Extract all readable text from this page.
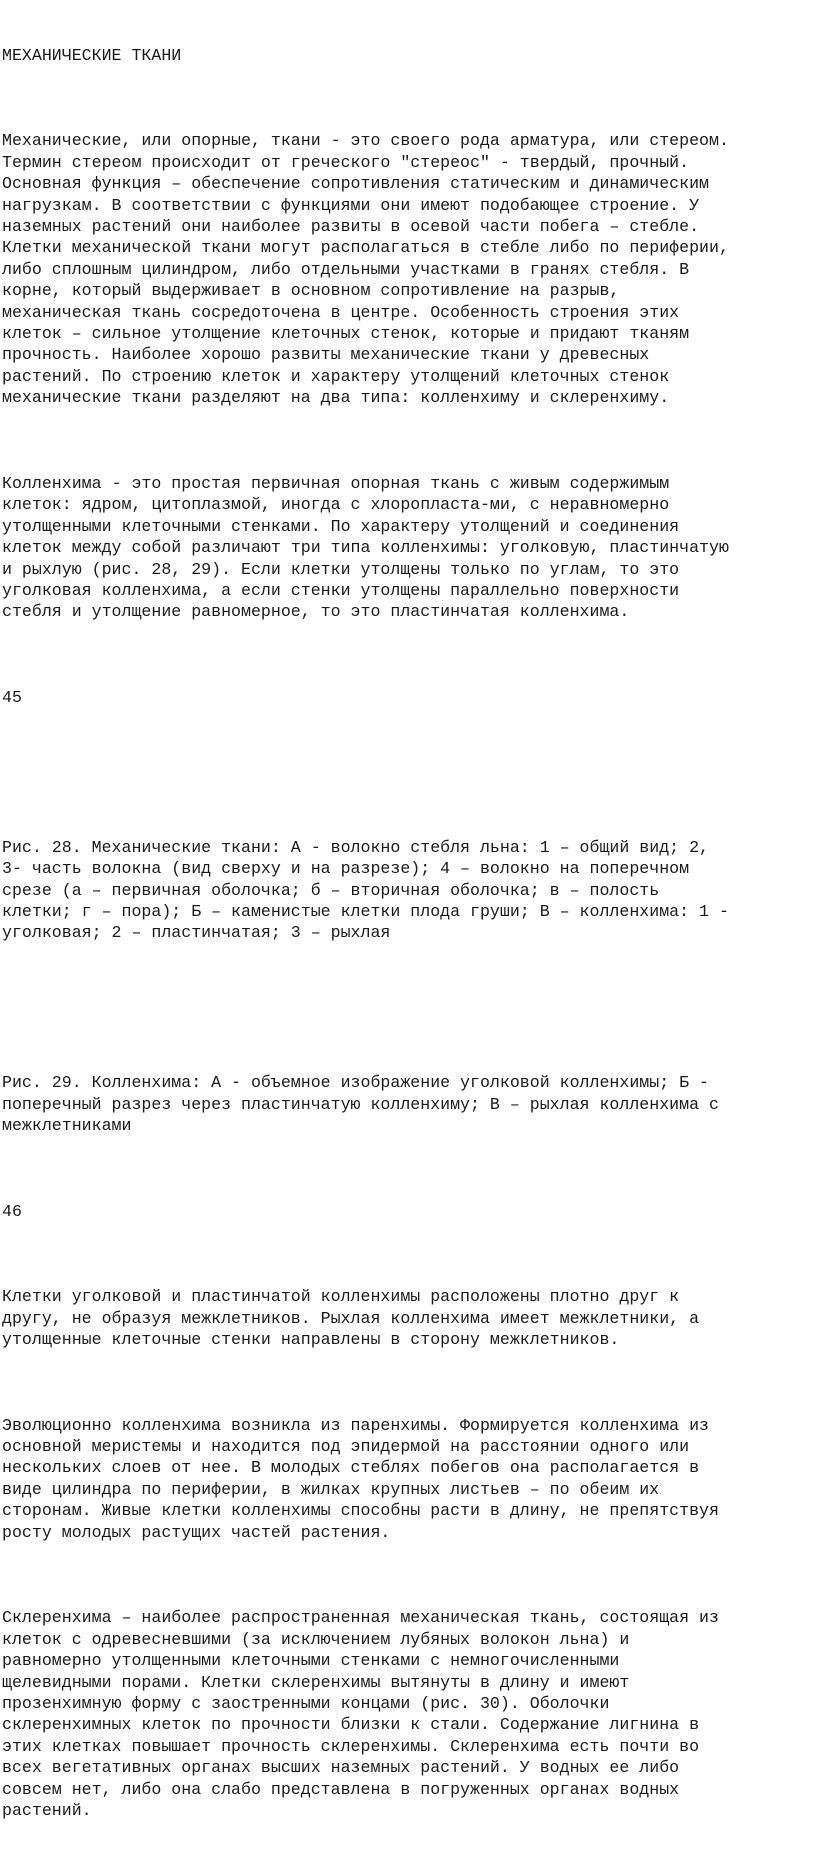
МЕХАНИЧЕСКИЕ ТКАНИ

Механические, или опорные, ткани - это своего рода арматура, или стереом.
Термин стереом происходит от греческого "стереос" - твердый, прочный.
Основная функция – обеспечение сопротивления статическим и динамическим
нагрузкам. В соответствии с функциями они имеют подобающее строение. У
наземных растений они наиболее развиты в осевой части побега – стебле.
Клетки механической ткани могут располагаться в стебле либо по периферии,
либо сплошным цилиндром, либо отдельными участками в гранях стебля. В
корне, который выдерживает в основном сопротивление на разрыв,
механическая ткань сосредоточена в центре. Особенность строения этих
клеток – сильное утолщение клеточных стенок, которые и придают тканям
прочность. Наиболее хорошо развиты механические ткани у древесных
растений. По строению клеток и характеру утолщений клеточных стенок
механические ткани разделяют на два типа: колленхиму и склеренхиму.

Колленхима - это простая первичная опорная ткань с живым содержимым
клеток: ядром, цитоплазмой, иногда с хлоропласта-ми, с неравномерно
утолщенными клеточными стенками. По характеру утолщений и соединения
клеток между собой различают три типа колленхимы: уголковую, пластинчатую
и рыхлую (рис. 28, 29). Если клетки утолщены только по углам, то это
уголковая колленхима, а если стенки утолщены параллельно поверхности
стебля и утолщение равномерное, то это пластинчатая колленхима.

45

Рис. 28. Механические ткани: А - волокно стебля льна: 1 – общий вид; 2,
3- часть волокна (вид сверху и на разрезе); 4 – волокно на поперечном
срезе (а – первичная оболочка; б – вторичная оболочка; в – полость
клетки; г – пора); Б – каменистые клетки плода груши; В – колленхима: 1 -
уголковая; 2 – пластинчатая; 3 – рыхлая

Рис. 29. Колленхима: А - объемное изображение уголковой колленхимы; Б -
поперечный разрез через пластинчатую колленхиму; В – рыхлая колленхима с
межклетниками

46

Клетки уголковой и пластинчатой колленхимы расположены плотно друг к
другу, не образуя межклетников. Рыхлая колленхима имеет межклетники, а
утолщенные клеточные стенки направлены в сторону межклетников.

Эволюционно колленхима возникла из паренхимы. Формируется колленхима из
основной меристемы и находится под эпидермой на расстоянии одного или
нескольких слоев от нее. В молодых стеблях побегов она располагается в
виде цилиндра по периферии, в жилках крупных листьев – по обеим их
сторонам. Живые клетки колленхимы способны расти в длину, не препятствуя
росту молодых растущих частей растения.

Склеренхима – наиболее распространенная механическая ткань, состоящая из
клеток с одревесневшими (за исключением лубяных волокон льна) и
равномерно утолщенными клеточными стенками с немногочисленными
щелевидными порами. Клетки склеренхимы вытянуты в длину и имеют
прозенхимную форму с заостренными концами (рис. 30). Оболочки
склеренхимных клеток по прочности близки к стали. Содержание лигнина в
этих клетках повышает прочность склеренхимы. Склеренхима есть почти во
всех вегетативных органах высших наземных растений. У водных ее либо
совсем нет, либо она слабо представлена в погруженных органах водных
растений.
